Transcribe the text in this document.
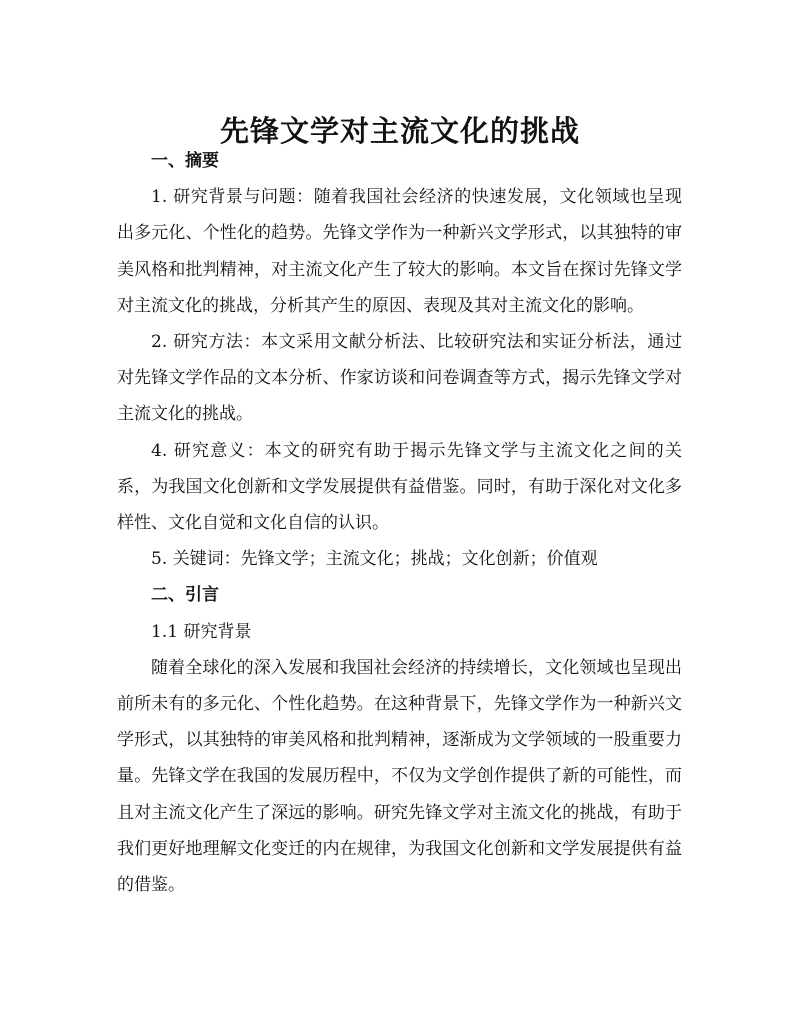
先锋文学对主流文化的挑战
一、摘要

1. 研究背景与问题：随着我国社会经济的快速发展，文化领域也呈现出多元化、个性化的趋势。先锋文学作为一种新兴文学形式，以其独特的审美风格和批判精神，对主流文化产生了较大的影响。本文旨在探讨先锋文学对主流文化的挑战，分析其产生的原因、表现及其对主流文化的影响。

2. 研究方法：本文采用文献分析法、比较研究法和实证分析法，通过对先锋文学作品的文本分析、作家访谈和问卷调查等方式，揭示先锋文学对主流文化的挑战。

4. 研究意义：本文的研究有助于揭示先锋文学与主流文化之间的关系，为我国文化创新和文学发展提供有益借鉴。同时，有助于深化对文化多样性、文化自觉和文化自信的认识。

5. 关键词：先锋文学；主流文化；挑战；文化创新；价值观

二、引言

1.1 研究背景

随着全球化的深入发展和我国社会经济的持续增长，文化领域也呈现出前所未有的多元化、个性化趋势。在这种背景下，先锋文学作为一种新兴文学形式，以其独特的审美风格和批判精神，逐渐成为文学领域的一股重要力量。先锋文学在我国的发展历程中，不仅为文学创作提供了新的可能性，而且对主流文化产生了深远的影响。研究先锋文学对主流文化的挑战，有助于我们更好地理解文化变迁的内在规律，为我国文化创新和文学发展提供有益的借鉴。
